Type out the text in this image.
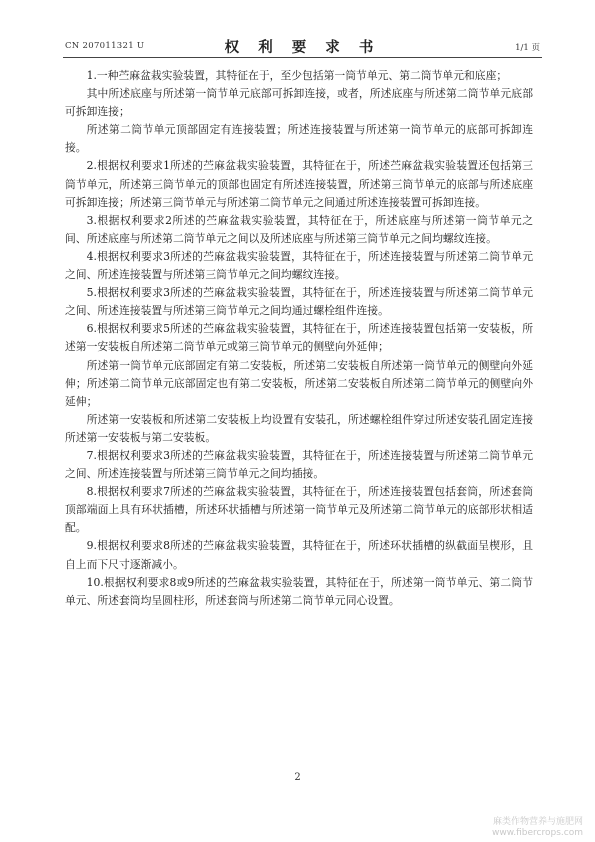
CN 207011321 U	权 利 要 求 书	1/1 页

1.一种苎麻盆栽实验装置，其特征在于，至少包括第一筒节单元、第二筒节单元和底座；

其中所述底座与所述第一筒节单元底部可拆卸连接，或者，所述底座与所述第二筒节单元底部可拆卸连接；

所述第二筒节单元顶部固定有连接装置；所述连接装置与所述第一筒节单元的底部可拆卸连接。

2.根据权利要求1所述的苎麻盆栽实验装置，其特征在于，所述苎麻盆栽实验装置还包括第三筒节单元，所述第三筒节单元的顶部也固定有所述连接装置，所述第三筒节单元的底部与所述底座可拆卸连接；所述第三筒节单元与所述第二筒节单元之间通过所述连接装置可拆卸连接。

3.根据权利要求2所述的苎麻盆栽实验装置，其特征在于，所述底座与所述第一筒节单元之间、所述底座与所述第二筒节单元之间以及所述底座与所述第三筒节单元之间均螺纹连接。

4.根据权利要求3所述的苎麻盆栽实验装置，其特征在于，所述连接装置与所述第二筒节单元之间、所述连接装置与所述第三筒节单元之间均螺纹连接。

5.根据权利要求3所述的苎麻盆栽实验装置，其特征在于，所述连接装置与所述第二筒节单元之间、所述连接装置与所述第三筒节单元之间均通过螺栓组件连接。

6.根据权利要求5所述的苎麻盆栽实验装置，其特征在于，所述连接装置包括第一安装板，所述第一安装板自所述第二筒节单元或第三筒节单元的侧壁向外延伸；

所述第一筒节单元底部固定有第二安装板，所述第二安装板自所述第一筒节单元的侧壁向外延伸；所述第二筒节单元底部固定也有第二安装板，所述第二安装板自所述第二筒节单元的侧壁向外延伸；

所述第一安装板和所述第二安装板上均设置有安装孔，所述螺栓组件穿过所述安装孔固定连接所述第一安装板与第二安装板。

7.根据权利要求3所述的苎麻盆栽实验装置，其特征在于，所述连接装置与所述第二筒节单元之间、所述连接装置与所述第三筒节单元之间均插接。

8.根据权利要求7所述的苎麻盆栽实验装置，其特征在于，所述连接装置包括套筒，所述套筒顶部端面上具有环状插槽，所述环状插槽与所述第一筒节单元及所述第二筒节单元的底部形状相适配。

9.根据权利要求8所述的苎麻盆栽实验装置，其特征在于，所述环状插槽的纵截面呈楔形，且自上而下尺寸逐渐减小。

10.根据权利要求8或9所述的苎麻盆栽实验装置，其特征在于，所述第一筒节单元、第二筒节单元、所述套筒均呈圆柱形，所述套筒与所述第二筒节单元同心设置。

2
麻类作物营养与施肥网
www.fibercrops.com
